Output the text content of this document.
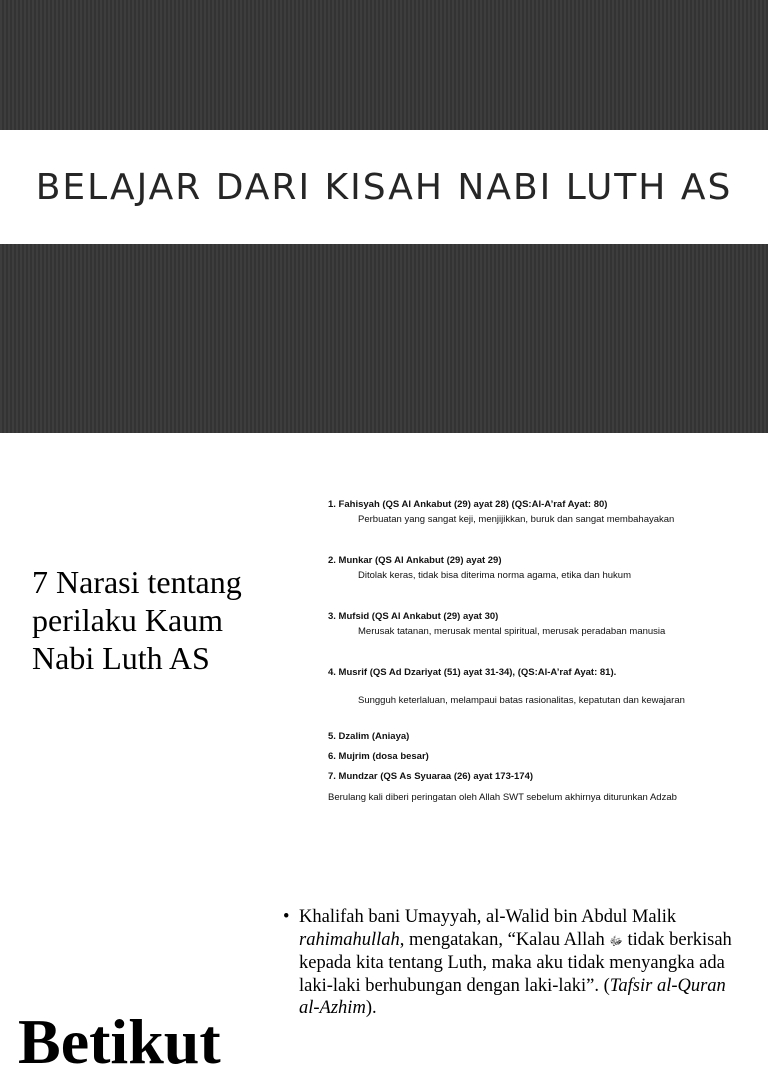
BELAJAR DARI KISAH NABI LUTH AS
7 Narasi tentang perilaku Kaum Nabi Luth AS
1. Fahisyah (QS Al Ankabut (29) ayat 28) (QS:Al-A’raf Ayat: 80)
Perbuatan yang sangat keji, menjijikkan, buruk dan sangat membahayakan
2. Munkar (QS Al Ankabut (29) ayat 29)
Ditolak keras, tidak bisa diterima norma agama, etika dan hukum
3. Mufsid (QS Al Ankabut (29) ayat 30)
Merusak tatanan, merusak mental spiritual, merusak peradaban manusia
4. Musrif (QS Ad Dzariyat (51) ayat 31-34), (QS:Al-A’raf Ayat: 81).
Sungguh keterlaluan, melampaui batas rasionalitas, kepatutan dan kewajaran
5. Dzalim (Aniaya)
6. Mujrim (dosa besar)
7. Mundzar (QS As Syuaraa (26) ayat 173-174)
Berulang kali diberi peringatan oleh Allah SWT sebelum akhirnya diturunkan Adzab
• Khalifah bani Umayyah, al-Walid bin Abdul Malik rahimahullah, mengatakan, “Kalau Allah ﷻ tidak berkisah kepada kita tentang Luth, maka aku tidak menyangka ada laki-laki berhubungan dengan laki-laki”. (Tafsir al-Quran al-Azhim).
Betikut
